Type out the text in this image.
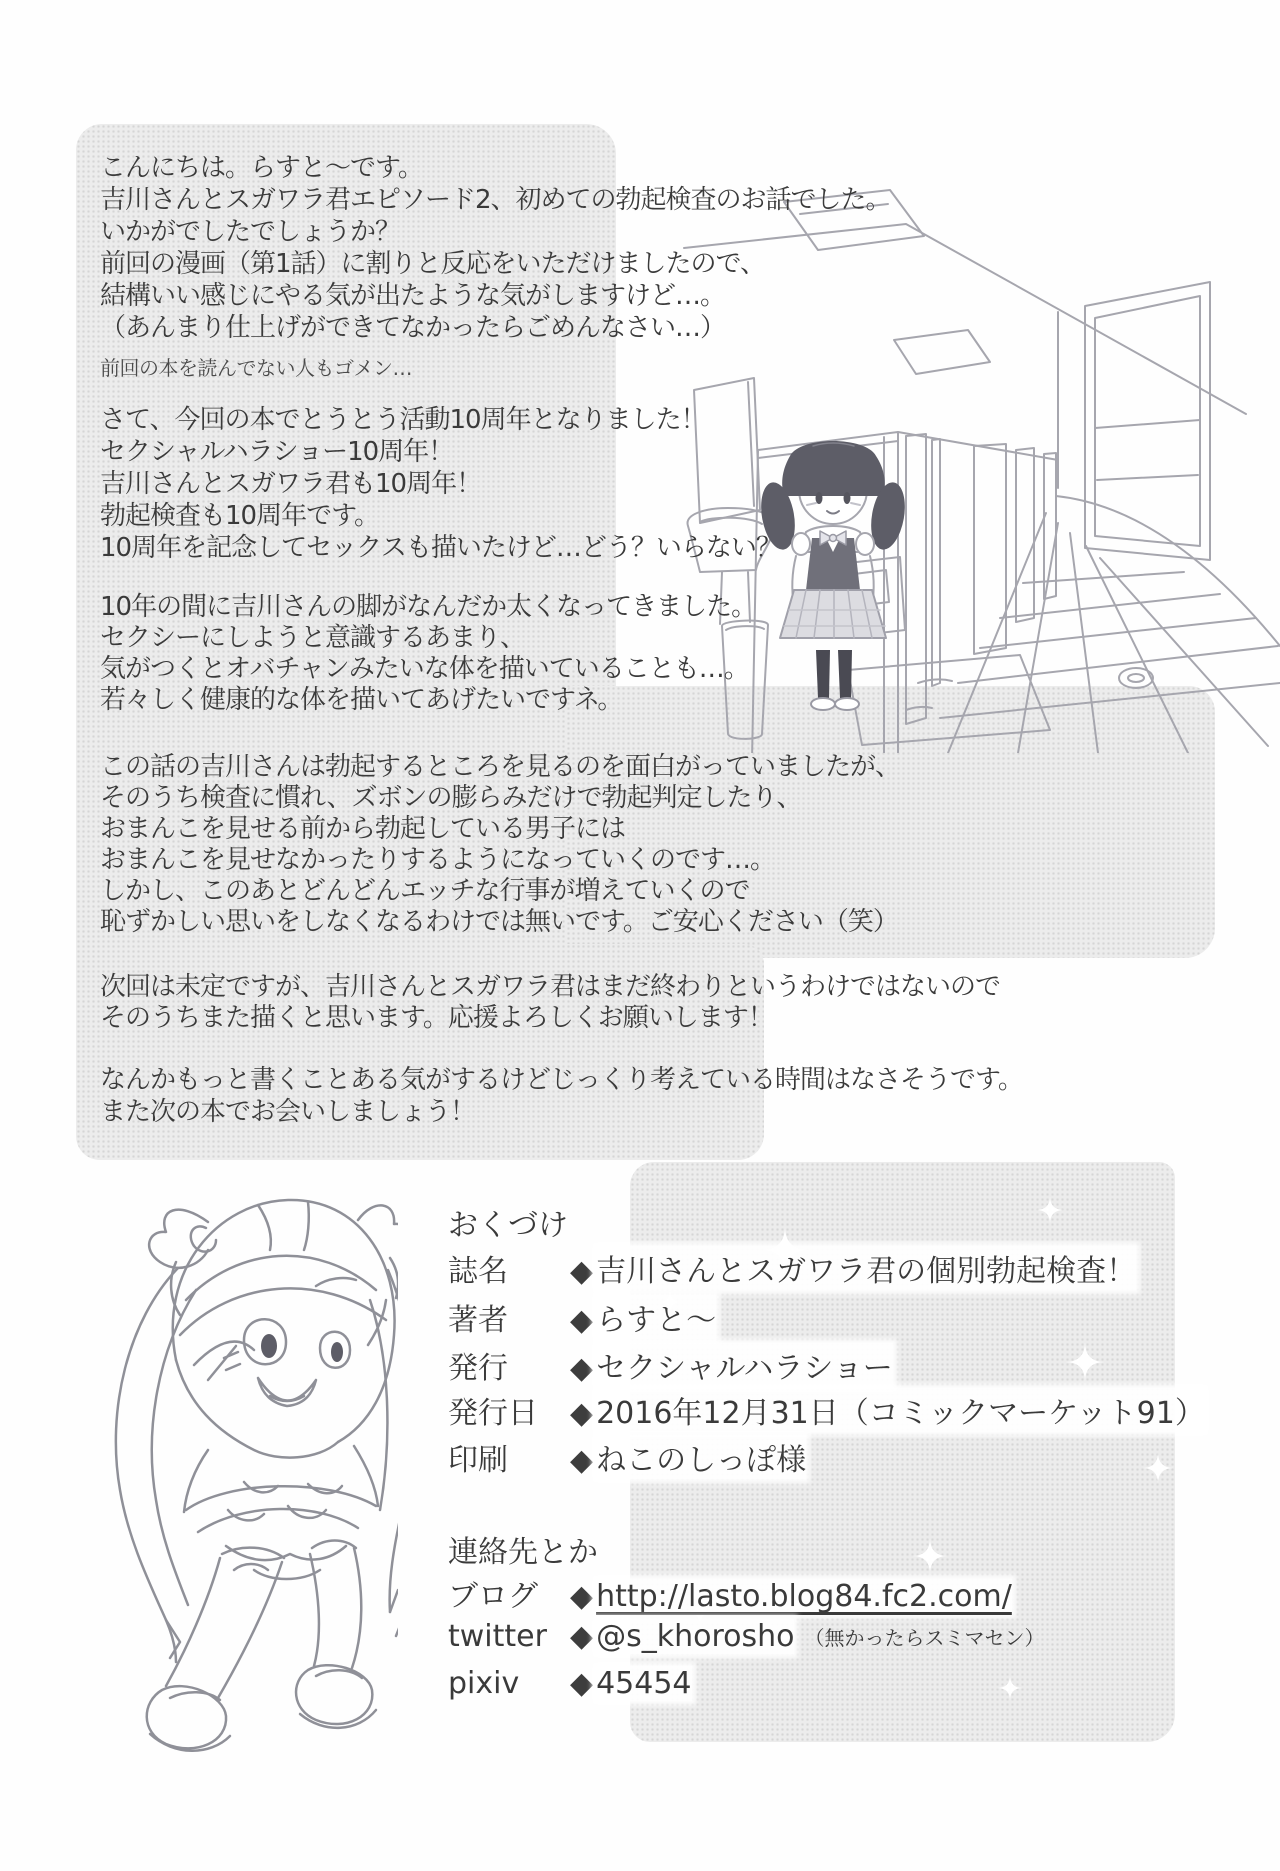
こんにちは。らすと～です。
吉川さんとスガワラ君エピソード2、初めての勃起検査のお話でした。
いかがでしたでしょうか？
前回の漫画（第1話）に割りと反応をいただけましたので、
結構いい感じにやる気が出たような気がしますけど…。
（あんまり仕上げができてなかったらごめんなさい…）
前回の本を読んでない人もゴメン…
さて、今回の本でとうとう活動10周年となりました！
セクシャルハラショー10周年！
吉川さんとスガワラ君も10周年！
勃起検査も10周年です。
10周年を記念してセックスも描いたけど…どう？いらない？
10年の間に吉川さんの脚がなんだか太くなってきました。
セクシーにしようと意識するあまり、
気がつくとオバチャンみたいな体を描いていることも…。
若々しく健康的な体を描いてあげたいですネ。
この話の吉川さんは勃起するところを見るのを面白がっていましたが、
そのうち検査に慣れ、ズボンの膨らみだけで勃起判定したり、
おまんこを見せる前から勃起している男子には
おまんこを見せなかったりするようになっていくのです…。
しかし、このあとどんどんエッチな行事が増えていくので
恥ずかしい思いをしなくなるわけでは無いです。ご安心ください（笑）
次回は未定ですが、吉川さんとスガワラ君はまだ終わりというわけではないので
そのうちまた描くと思います。応援よろしくお願いします！
なんかもっと書くことある気がするけどじっくり考えている時間はなさそうです。
また次の本でお会いしましょう！
おくづけ
誌名	◆ 吉川さんとスガワラ君の個別勃起検査！
著者	◆ らすと～
発行	◆ セクシャルハラショー
発行日	◆ 2016年12月31日（コミックマーケット91）
印刷	◆ ねこのしっぽ様
連絡先とか
ブログ	◆ http://lasto.blog84.fc2.com/
twitter ◆ @s_khorosho （無かったらスミマセン）
pixiv	◆ 45454
